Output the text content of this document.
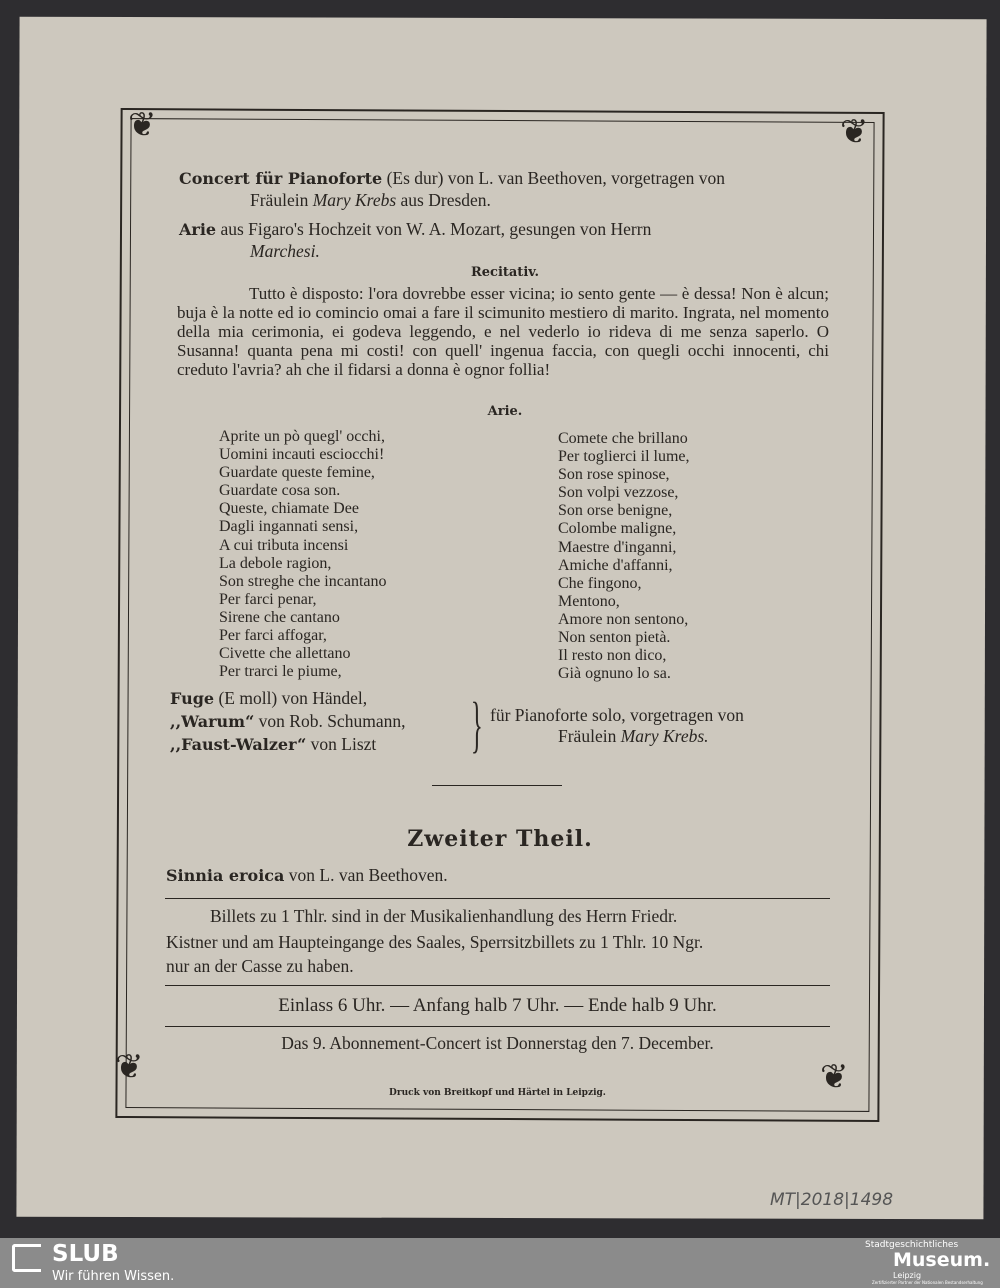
❦	❦
❦	❦
Concert für Pianoforte (Es dur) von L. van Beethoven, vorgetragen von
Fräulein Mary Krebs aus Dresden.
Arie aus Figaro's Hochzeit von W. A. Mozart, gesungen von Herrn
Marchesi.
Recitativ.
Tutto è disposto: l'ora dovrebbe esser vicina; io sento gente — è dessa! Non è alcun; buja è la notte ed io comincio omai a fare il scimunito mestiero di marito. Ingrata, nel momento della mia cerimonia, ei godeva leggendo, e nel vederlo io rideva di me senza saperlo. O Susanna! quanta pena mi costi! con quell' ingenua faccia, con quegli occhi innocenti, chi creduto l'avria? ah che il fidarsi a donna è ognor follia!
Arie.
Aprite un pò quegl' occhi,
Uomini incauti esciocchi!
Guardate queste femine,
Guardate cosa son.
Queste, chiamate Dee
Dagli ingannati sensi,
A cui tributa incensi
La debole ragion,
Son streghe che incantano
Per farci penar,
Sirene che cantano
Per farci affogar,
Civette che allettano
Per trarci le piume,
Comete che brillano
Per toglierci il lume,
Son rose spinose,
Son volpi vezzose,
Son orse benigne,
Colombe maligne,
Maestre d'inganni,
Amiche d'affanni,
Che fingono,
Mentono,
Amore non sentono,
Non senton pietà.
Il resto non dico,
Già ognuno lo sa.
Fuge (E moll) von Händel,
,,Warum“ von Rob. Schumann,
,,Faust-Walzer“ von Liszt } für Pianoforte solo, vorgetragen von
Fräulein Mary Krebs.
Zweiter Theil.
Sinnia eroica von L. van Beethoven.
Billets zu 1 Thlr. sind in der Musikalienhandlung des Herrn Friedr.
Kistner und am Haupteingange des Saales, Sperrsitzbillets zu 1 Thlr. 10 Ngr.
nur an der Casse zu haben.
Einlass 6 Uhr. — Anfang halb 7 Uhr. — Ende halb 9 Uhr.
Das 9. Abonnement-Concert ist Donnerstag den 7. December.
Druck von Breitkopf und Härtel in Leipzig.
MT|2018|1498
SLUB
Wir führen Wissen.
Stadtgeschichtliches
Museum.
Leipzig
Zertifizierter Partner der Nationalen Bestandserhaltung
